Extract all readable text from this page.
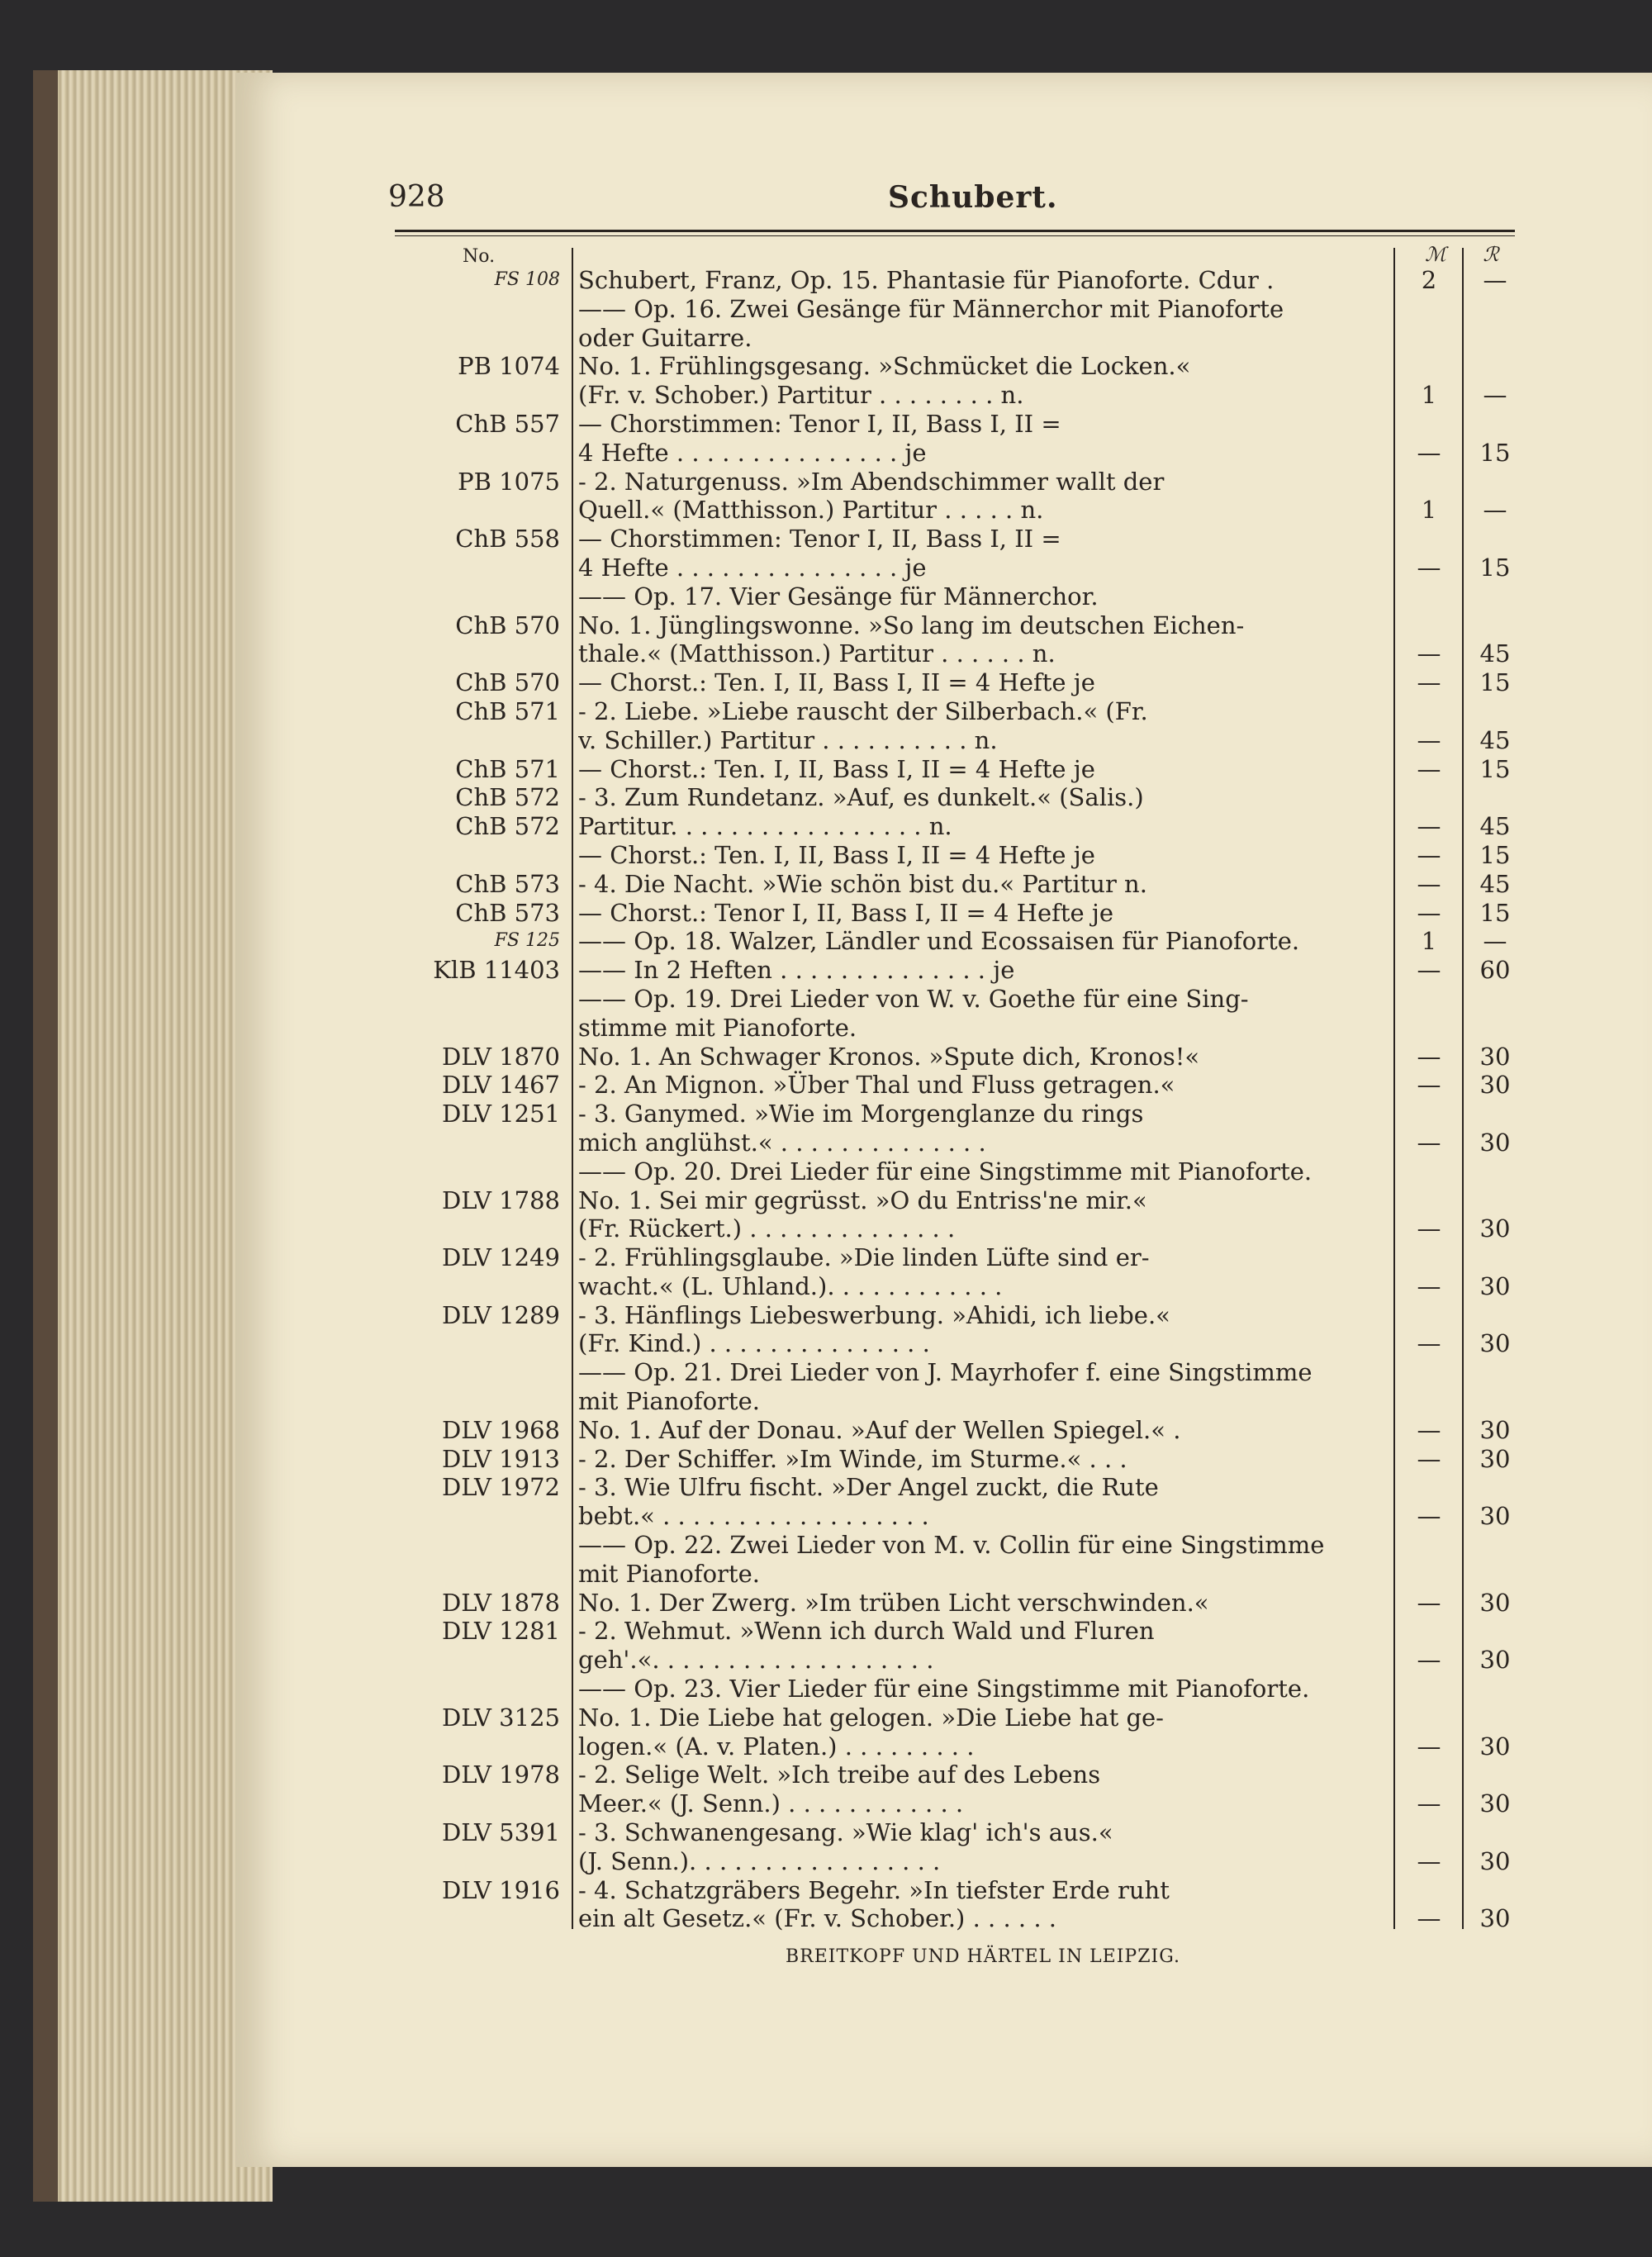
928	Schubert.
No.	ℳ	ℛ
FS 108 Schubert, Franz, Op. 15. Phantasie für Pianoforte. Cdur .	2	—
—— Op. 16. Zwei Gesänge für Männerchor mit Pianoforte
oder Guitarre.
PB 1074 No. 1. Frühlingsgesang. »Schmücket die Locken.«
(Fr. v. Schober.) Partitur . . . . . . . . n.	1	—
ChB 557 — Chorstimmen: Tenor I, II, Bass I, II =
4 Hefte . . . . . . . . . . . . . . . je	—	15
PB 1075 - 2. Naturgenuss. »Im Abendschimmer wallt der
Quell.« (Matthisson.) Partitur . . . . . n.	1	—
ChB 558 — Chorstimmen: Tenor I, II, Bass I, II =
4 Hefte . . . . . . . . . . . . . . . je	—	15
—— Op. 17. Vier Gesänge für Männerchor.
ChB 570 No. 1. Jünglingswonne. »So lang im deutschen Eichen-
thale.« (Matthisson.) Partitur . . . . . . n.	—	45
ChB 570 — Chorst.: Ten. I, II, Bass I, II = 4 Hefte je	—	15
ChB 571 - 2. Liebe. »Liebe rauscht der Silberbach.« (Fr.
v. Schiller.) Partitur . . . . . . . . . . n.	—	45
ChB 571 — Chorst.: Ten. I, II, Bass I, II = 4 Hefte je	—	15
ChB 572 - 3. Zum Rundetanz. »Auf, es dunkelt.« (Salis.)
ChB 572 Partitur. . . . . . . . . . . . . . . . . n.	—	45
— Chorst.: Ten. I, II, Bass I, II = 4 Hefte je	—	15
ChB 573 - 4. Die Nacht. »Wie schön bist du.« Partitur n.	—	45
ChB 573 — Chorst.: Tenor I, II, Bass I, II = 4 Hefte je	—	15
FS 125 —— Op. 18. Walzer, Ländler und Ecossaisen für Pianoforte.	1	—
KlB 11403 —— In 2 Heften . . . . . . . . . . . . . . je	—	60
—— Op. 19. Drei Lieder von W. v. Goethe für eine Sing-
stimme mit Pianoforte.
DLV 1870 No. 1. An Schwager Kronos. »Spute dich, Kronos!«	—	30
DLV 1467 - 2. An Mignon. »Über Thal und Fluss getragen.«	—	30
DLV 1251 - 3. Ganymed. »Wie im Morgenglanze du rings
mich anglühst.« . . . . . . . . . . . . . .	—	30
—— Op. 20. Drei Lieder für eine Singstimme mit Pianoforte.
DLV 1788 No. 1. Sei mir gegrüsst. »O du Entriss'ne mir.«
(Fr. Rückert.) . . . . . . . . . . . . . .	—	30
DLV 1249 - 2. Frühlingsglaube. »Die linden Lüfte sind er-
wacht.« (L. Uhland.). . . . . . . . . . . .	—	30
DLV 1289 - 3. Hänflings Liebeswerbung. »Ahidi, ich liebe.«
(Fr. Kind.) . . . . . . . . . . . . . . .	—	30
—— Op. 21. Drei Lieder von J. Mayrhofer f. eine Singstimme
mit Pianoforte.
DLV 1968 No. 1. Auf der Donau. »Auf der Wellen Spiegel.« .	—	30
DLV 1913 - 2. Der Schiffer. »Im Winde, im Sturme.« . . .	—	30
DLV 1972 - 3. Wie Ulfru fischt. »Der Angel zuckt, die Rute
bebt.« . . . . . . . . . . . . . . . . . .	—	30
—— Op. 22. Zwei Lieder von M. v. Collin für eine Singstimme
mit Pianoforte.
DLV 1878 No. 1. Der Zwerg. »Im trüben Licht verschwinden.«	—	30
DLV 1281 - 2. Wehmut. »Wenn ich durch Wald und Fluren
geh'.«. . . . . . . . . . . . . . . . . . .	—	30
—— Op. 23. Vier Lieder für eine Singstimme mit Pianoforte.
DLV 3125 No. 1. Die Liebe hat gelogen. »Die Liebe hat ge-
logen.« (A. v. Platen.) . . . . . . . . .	—	30
DLV 1978 - 2. Selige Welt. »Ich treibe auf des Lebens
Meer.« (J. Senn.) . . . . . . . . . . . .	—	30
DLV 5391 - 3. Schwanengesang. »Wie klag' ich's aus.«
(J. Senn.). . . . . . . . . . . . . . . . .	—	30
DLV 1916 - 4. Schatzgräbers Begehr. »In tiefster Erde ruht
ein alt Gesetz.« (Fr. v. Schober.) . . . . . .	—	30
BREITKOPF UND HÄRTEL IN LEIPZIG.
